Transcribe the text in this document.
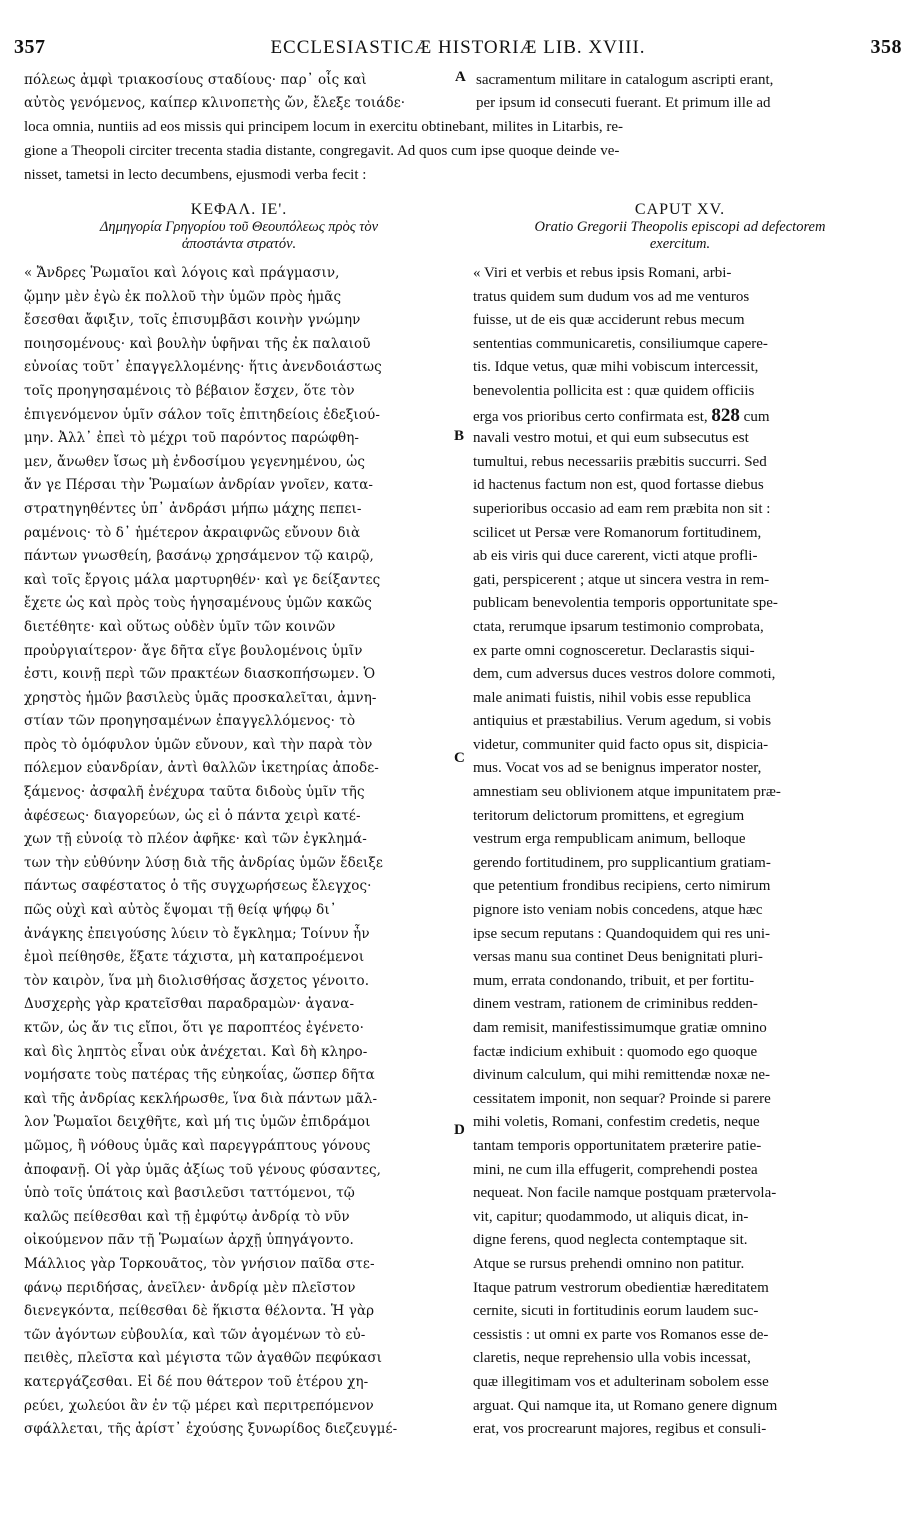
357	ECCLESIASTICÆ HISTORIÆ LIB. XVIII.	358
πόλεως ἀμφὶ τριακοσίους σταδίους· παρ᾽ οἷς καὶ
αὐτὸς γενόμενος, καίπερ κλινοπετὴς ὤν, ἔλεξε τοιάδε·
A sacramentum militare in catalogum ascripti erant,
per ipsum id consecuti fuerant. Et primum ille ad
loca omnia, nuntiis ad eos missis qui principem locum in exercitu obtinebant, milites in Litarbis, re-
gione a Theopoli circiter trecenta stadia distante, congregavit. Ad quos cum ipse quoque deinde ve-
nisset, tametsi in lecto decumbens, ejusmodi verba fecit :
ΚΕΦΑΛ. ΙΕ'.
Δημηγορία Γρηγορίου τοῦ Θεουπόλεως πρὸς τὸν
ἀποστάντα στρατόν.
CAPUT XV.
Oratio Gregorii Theopolis episcopi ad defectorem
exercitum.
« Ἄνδρες Ῥωμαῖοι καὶ λόγοις καὶ πράγμασιν,
ᾤμην μὲν ἐγὼ ἐκ πολλοῦ τὴν ὑμῶν πρὸς ἡμᾶς
ἔσεσθαι ἄφιξιν, τοῖς ἐπισυμβᾶσι κοινὴν γνώμην
ποιησομένους· καὶ βουλὴν ὑφῆναι τῆς ἐκ παλαιοῦ
εὐνοίας τοῦτ᾽ ἐπαγγελλομένης· ἥτις ἀνενδοιάστως
τοῖς προηγησαμένοις τὸ βέβαιον ἔσχεν, ὅτε τὸν
ἐπιγενόμενον ὑμῖν σάλον τοῖς ἐπιτηδείοις ἐδεξιού-
μην. Ἀλλ᾽ ἐπεὶ τὸ μέχρι τοῦ παρόντος παρώφθη-
μεν, ἄνωθεν ἴσως μὴ ἐνδοσίμου γεγενημένου, ὡς
ἄν γε Πέρσαι τὴν Ῥωμαίων ἀνδρίαν γνοῖεν, κατα-
στρατηγηθέντες ὑπ᾽ ἀνδράσι μήπω μάχης πεπει-
ραμένοις· τὸ δ᾽ ἡμέτερον ἀκραιφνῶς εὔνουν διὰ
πάντων γνωσθείη, βασάνῳ χρησάμενον τῷ καιρῷ,
καὶ τοῖς ἔργοις μάλα μαρτυρηθέν· καὶ γε δείξαντες
ἔχετε ὡς καὶ πρὸς τοὺς ἡγησαμένους ὑμῶν κακῶς
διετέθητε· καὶ οὕτως οὐδὲν ὑμῖν τῶν κοινῶν
προὐργιαίτερον· ἄγε δῆτα εἴγε βουλομένοις ὑμῖν
ἐστι, κοινῇ περὶ τῶν πρακτέων διασκοπήσωμεν. Ὁ
χρηστὸς ἡμῶν βασιλεὺς ὑμᾶς προσκαλεῖται, ἀμνη-
στίαν τῶν προηγησαμένων ἐπαγγελλόμενος· τὸ
πρὸς τὸ ὁμόφυλον ὑμῶν εὔνουν, καὶ τὴν παρὰ τὸν
πόλεμον εὐανδρίαν, ἀντὶ θαλλῶν ἱκετηρίας ἀποδε-
ξάμενος· ἀσφαλῆ ἐνέχυρα ταῦτα διδοὺς ὑμῖν τῆς
ἀφέσεως· διαγορεύων, ὡς εἰ ὁ πάντα χειρὶ κατέ-
χων τῇ εὐνοίᾳ τὸ πλέον ἀφῆκε· καὶ τῶν ἐγκλημά-
των τὴν εὐθύνην λύσῃ διὰ τῆς ἀνδρίας ὑμῶν ἔδειξε
πάντως σαφέστατος ὁ τῆς συγχωρήσεως ἔλεγχος·
πῶς οὐχὶ καὶ αὐτὸς ἕψομαι τῇ θείᾳ ψήφῳ δι᾽
ἀνάγκης ἐπειγούσης λύειν τὸ ἔγκλημα; Τοίνυν ἦν
ἐμοὶ πείθησθε, ἕξατε τάχιστα, μὴ καταπροέμενοι
τὸν καιρὸν, ἵνα μὴ διολισθήσας ἄσχετος γένοιτο.
Δυσχερὴς γὰρ κρατεῖσθαι παραδραμὼν· ἀγανα-
κτῶν, ὡς ἄν τις εἴποι, ὅτι γε παροπτέος ἐγένετο·
καὶ δὶς ληπτὸς εἶναι οὐκ ἀνέχεται. Καὶ δὴ κληρο-
νομήσατε τοὺς πατέρας τῆς εὐηκοΐας, ὥσπερ δῆτα
καὶ τῆς ἀνδρίας κεκλήρωσθε, ἵνα διὰ πάντων μᾶλ-
λον Ῥωμαῖοι δειχθῆτε, καὶ μή τις ὑμῶν ἐπιδράμοι
μῶμος, ἢ νόθους ὑμᾶς καὶ παρεγγράπτους γόνους
ἀποφανῇ. Οἱ γὰρ ὑμᾶς ἀξίως τοῦ γένους φύσαντες,
ὑπὸ τοῖς ὑπάτοις καὶ βασιλεῦσι ταττόμενοι, τῷ
καλῶς πείθεσθαι καὶ τῇ ἐμφύτῳ ἀνδρίᾳ τὸ νῦν
οἰκούμενον πᾶν τῇ Ῥωμαίων ἀρχῇ ὑπηγάγοντο.
Μάλλιος γὰρ Τορκουᾶτος, τὸν γνήσιον παῖδα στε-
φάνῳ περιδήσας, ἀνεῖλεν· ἀνδρίᾳ μὲν πλεῖστον
διενεγκόντα, πείθεσθαι δὲ ἥκιστα θέλοντα. Ἡ γὰρ
τῶν ἀγόντων εὐβουλία, καὶ τῶν ἀγομένων τὸ εὐ-
πειθὲς, πλεῖστα καὶ μέγιστα τῶν ἀγαθῶν πεφύκασι
κατεργάζεσθαι. Εἰ δέ που θάτερον τοῦ ἑτέρου χη-
ρεύει, χωλεύοι ἂν ἐν τῷ μέρει καὶ περιτρεπόμενον
σφάλλεται, τῆς ἀρίστ᾽ ἐχούσης ξυνωρίδος διεζευγμέ-
« Viri et verbis et rebus ipsis Romani, arbi-
tratus quidem sum dudum vos ad me venturos
fuisse, ut de eis quæ acciderunt rebus mecum
sententias communicaretis, consiliumque capere-
tis. Idque vetus, quæ mihi vobiscum intercessit,
benevolentia pollicita est : quæ quidem officiis
erga vos prioribus certo confirmata est, 828 cum
navali vestro motui, et qui eum subsecutus est
tumultui, rebus necessariis præbitis succurri. Sed
id hactenus factum non est, quod fortasse diebus
superioribus occasio ad eam rem præbita non sit :
scilicet ut Persæ vere Romanorum fortitudinem,
ab eis viris qui duce carerent, victi atque profli-
gati, perspicerent ; atque ut sincera vestra in rem-
publicam benevolentia temporis opportunitate spe-
ctata, rerumque ipsarum testimonio comprobata,
ex parte omni cognosceretur. Declarastis siqui-
dem, cum adversus duces vestros dolore commoti,
male animati fuistis, nihil vobis esse republica
antiquius et præstabilius. Verum agedum, si vobis
videtur, communiter quid facto opus sit, dispicia-
mus. Vocat vos ad se benignus imperator noster,
amnestiam seu oblivionem atque impunitatem præ-
teritorum delictorum promittens, et egregium
vestrum erga rempublicam animum, belloque
gerendo fortitudinem, pro supplicantium gratiam-
que petentium frondibus recipiens, certo nimirum
pignore isto veniam nobis concedens, atque hæc
ipse secum reputans : Quandoquidem qui res uni-
versas manu sua continet Deus benignitati pluri-
mum, errata condonando, tribuit, et per fortitu-
dinem vestram, rationem de criminibus redden-
dam remisit, manifestissimumque gratiæ omnino
factæ indicium exhibuit : quomodo ego quoque
divinum calculum, qui mihi remittendæ noxæ ne-
cessitatem imponit, non sequar? Proinde si parere
mihi voletis, Romani, confestim credetis, neque
tantam temporis opportunitatem præterire patie-
mini, ne cum illa effugerit, comprehendi postea
nequeat. Non facile namque postquam prætervola-
vit, capitur; quodammodo, ut aliquis dicat, in-
digne ferens, quod neglecta contemptaque sit.
Atque se rursus prehendi omnino non patitur.
Itaque patrum vestrorum obedientiæ hæreditatem
cernite, sicuti in fortitudinis eorum laudem suc-
cessistis : ut omni ex parte vos Romanos esse de-
claretis, neque reprehensio ulla vobis incessat,
quæ illegitimam vos et adulterinam sobolem esse
arguat. Qui namque ita, ut Romano genere dignum
erat, vos procrearunt majores, regibus et consuli-
B
C
D
